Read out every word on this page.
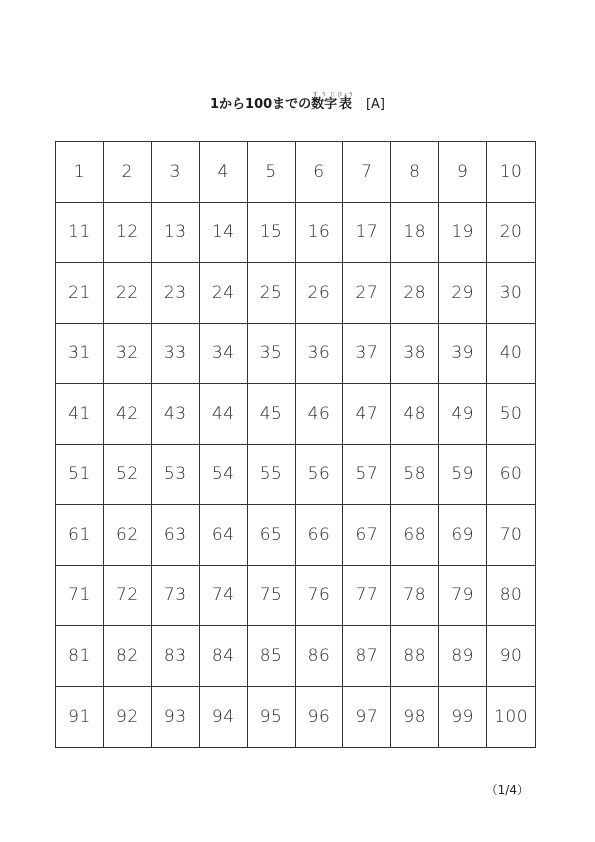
1から100までの数字すうじ表ひょう[A]
1	2	3	4	5	6	7	8	9	10
11	12	13	14	15	16	17	18	19	20
21	22	23	24	25	26	27	28	29	30
31	32	33	34	35	36	37	38	39	40
41	42	43	44	45	46	47	48	49	50
51	52	53	54	55	56	57	58	59	60
61	62	63	64	65	66	67	68	69	70
71	72	73	74	75	76	77	78	79	80
81	82	83	84	85	86	87	88	89	90
91	92	93	94	95	96	97	98	99	100
（1/4）
